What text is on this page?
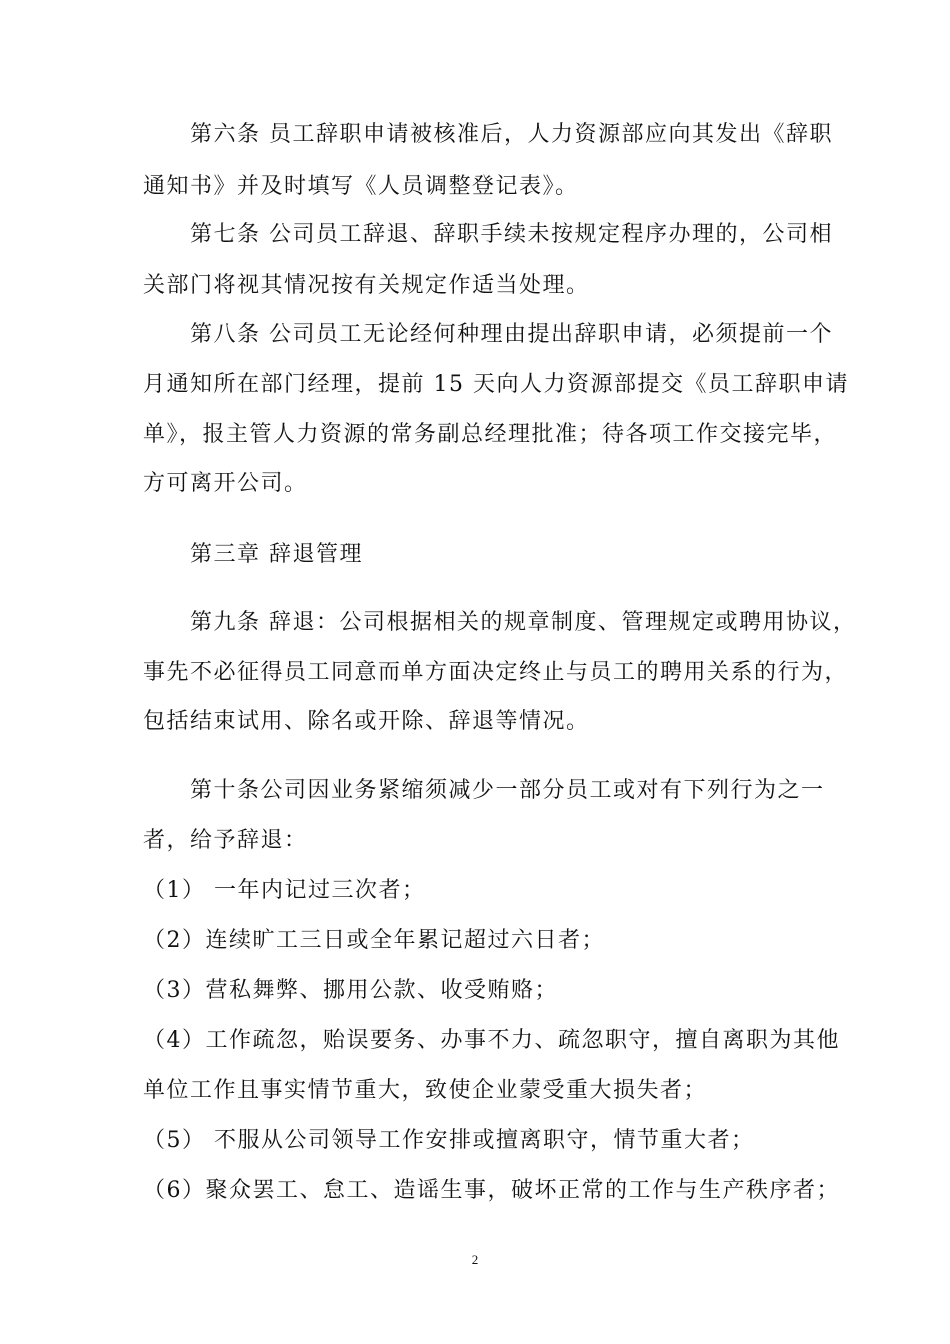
第六条 员工辞职申请被核准后，人力资源部应向其发出《辞职
通知书》并及时填写《人员调整登记表》。
第七条 公司员工辞退、辞职手续未按规定程序办理的，公司相
关部门将视其情况按有关规定作适当处理。
第八条 公司员工无论经何种理由提出辞职申请，必须提前一个
月通知所在部门经理，提前 15 天向人力资源部提交《员工辞职申请
单》，报主管人力资源的常务副总经理批准；待各项工作交接完毕，
方可离开公司。
第三章 辞退管理
第九条 辞退：公司根据相关的规章制度、管理规定或聘用协议，
事先不必征得员工同意而单方面决定终止与员工的聘用关系的行为，
包括结束试用、除名或开除、辞退等情况。
第十条公司因业务紧缩须减少一部分员工或对有下列行为之一
者，给予辞退：
（1） 一年内记过三次者；
（2）连续旷工三日或全年累记超过六日者；
（3）营私舞弊、挪用公款、收受贿赂；
（4）工作疏忽，贻误要务、办事不力、疏忽职守，擅自离职为其他
单位工作且事实情节重大，致使企业蒙受重大损失者；
（5） 不服从公司领导工作安排或擅离职守，情节重大者；
（6）聚众罢工、怠工、造谣生事，破坏正常的工作与生产秩序者；
2
